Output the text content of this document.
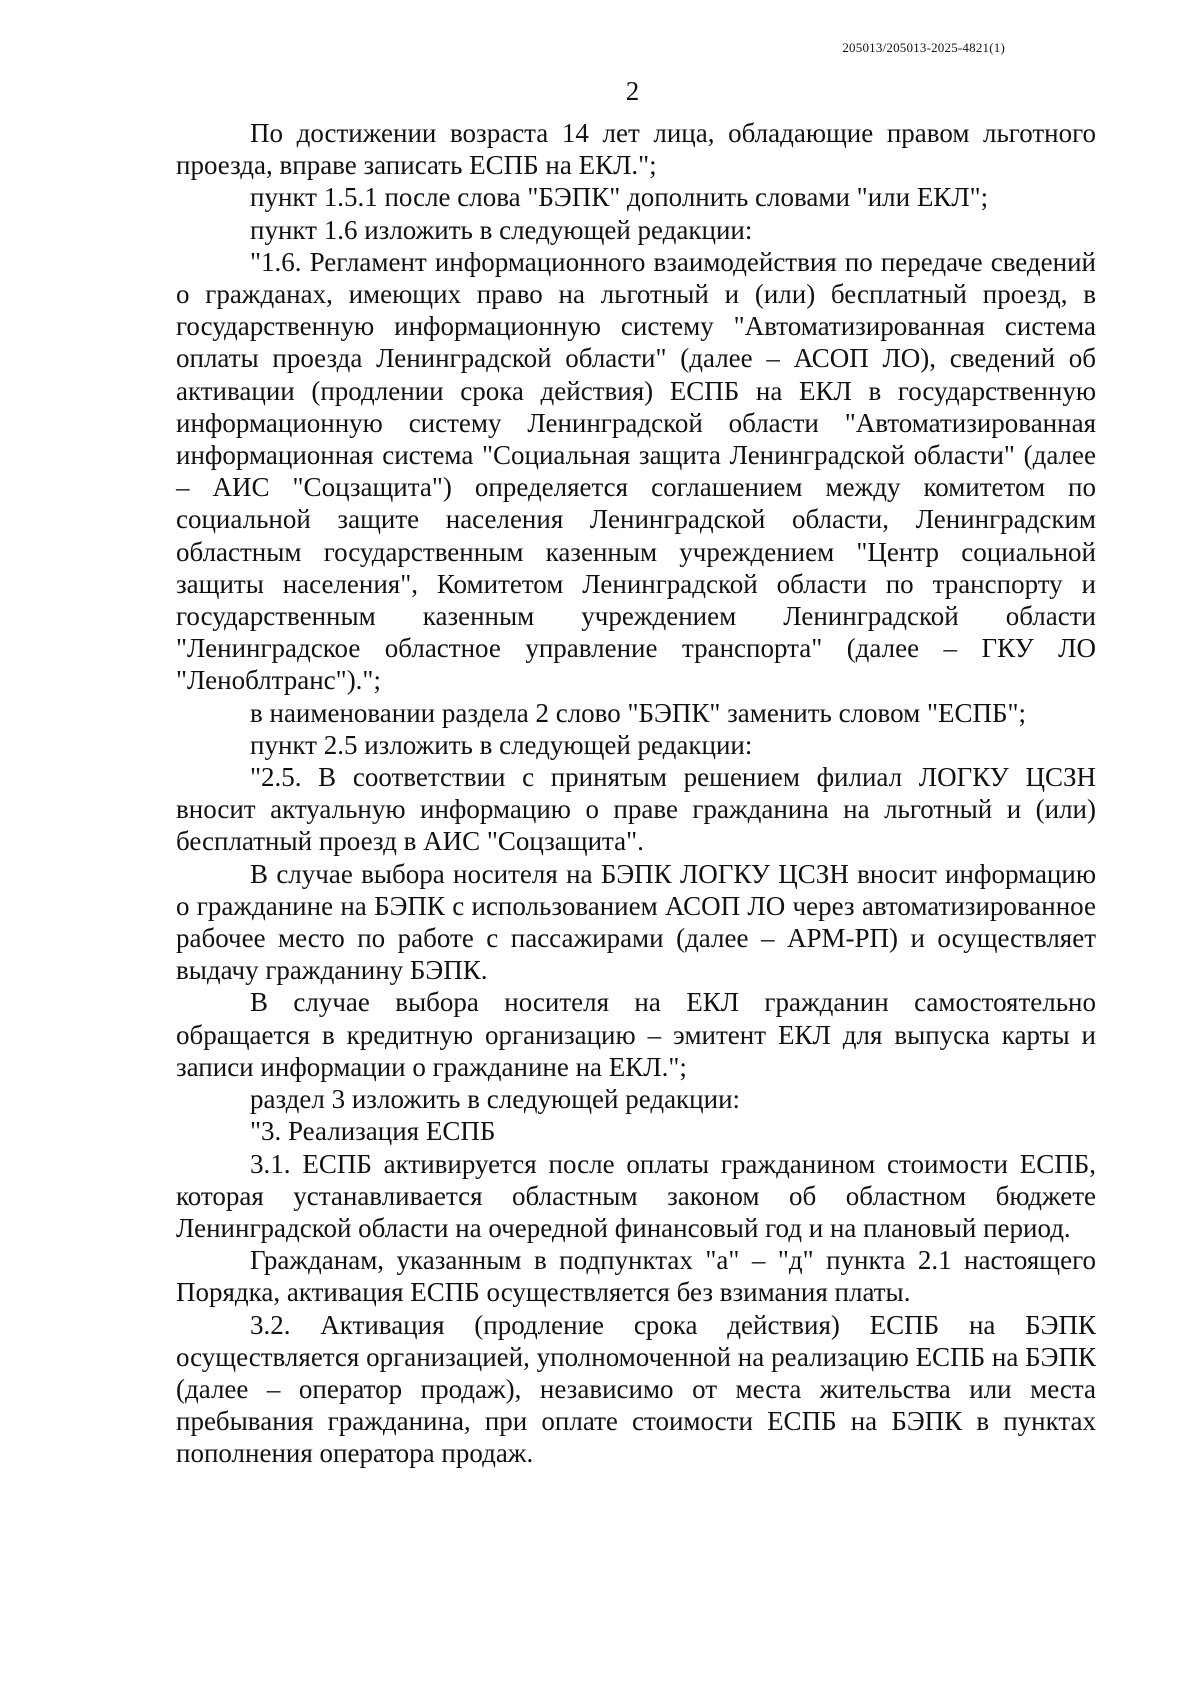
205013/205013-2025-4821(1)
2

По достижении возраста 14 лет лица, обладающие правом льготного проезда, вправе записать ЕСПБ на ЕКЛ.";

пункт 1.5.1 после слова "БЭПК" дополнить словами "или ЕКЛ";

пункт 1.6 изложить в следующей редакции:

"1.6. Регламент информационного взаимодействия по передаче сведений о гражданах, имеющих право на льготный и (или) бесплатный проезд, в государственную информационную систему "Автоматизированная система оплаты проезда Ленинградской области" (далее – АСОП ЛО), сведений об активации (продлении срока действия) ЕСПБ на ЕКЛ в государственную информационную систему Ленинградской области "Автоматизированная информационная система "Социальная защита Ленинградской области" (далее – АИС "Соцзащита") определяется соглашением между комитетом по социальной защите населения Ленинградской области, Ленинградским областным государственным казенным учреждением "Центр социальной защиты населения", Комитетом Ленинградской области по транспорту и государственным казенным учреждением Ленинградской области "Ленинградское областное управление транспорта" (далее – ГКУ ЛО "Леноблтранс").";

в наименовании раздела 2 слово "БЭПК" заменить словом "ЕСПБ";

пункт 2.5 изложить в следующей редакции:

"2.5. В соответствии с принятым решением филиал ЛОГКУ ЦСЗН вносит актуальную информацию о праве гражданина на льготный и (или) бесплатный проезд в АИС "Соцзащита".

В случае выбора носителя на БЭПК ЛОГКУ ЦСЗН вносит информацию о гражданине на БЭПК с использованием АСОП ЛО через автоматизированное рабочее место по работе с пассажирами (далее – АРМ-РП) и осуществляет выдачу гражданину БЭПК.

В случае выбора носителя на ЕКЛ гражданин самостоятельно обращается в кредитную организацию – эмитент ЕКЛ для выпуска карты и записи информации о гражданине на ЕКЛ.";

раздел 3 изложить в следующей редакции:

"3. Реализация ЕСПБ

3.1. ЕСПБ активируется после оплаты гражданином стоимости ЕСПБ, которая устанавливается областным законом об областном бюджете Ленинградской области на очередной финансовый год и на плановый период.

Гражданам, указанным в подпунктах "а" – "д" пункта 2.1 настоящего Порядка, активация ЕСПБ осуществляется без взимания платы.

3.2. Активация (продление срока действия) ЕСПБ на БЭПК осуществляется организацией, уполномоченной на реализацию ЕСПБ на БЭПК (далее – оператор продаж), независимо от места жительства или места пребывания гражданина, при оплате стоимости ЕСПБ на БЭПК в пунктах пополнения оператора продаж.
